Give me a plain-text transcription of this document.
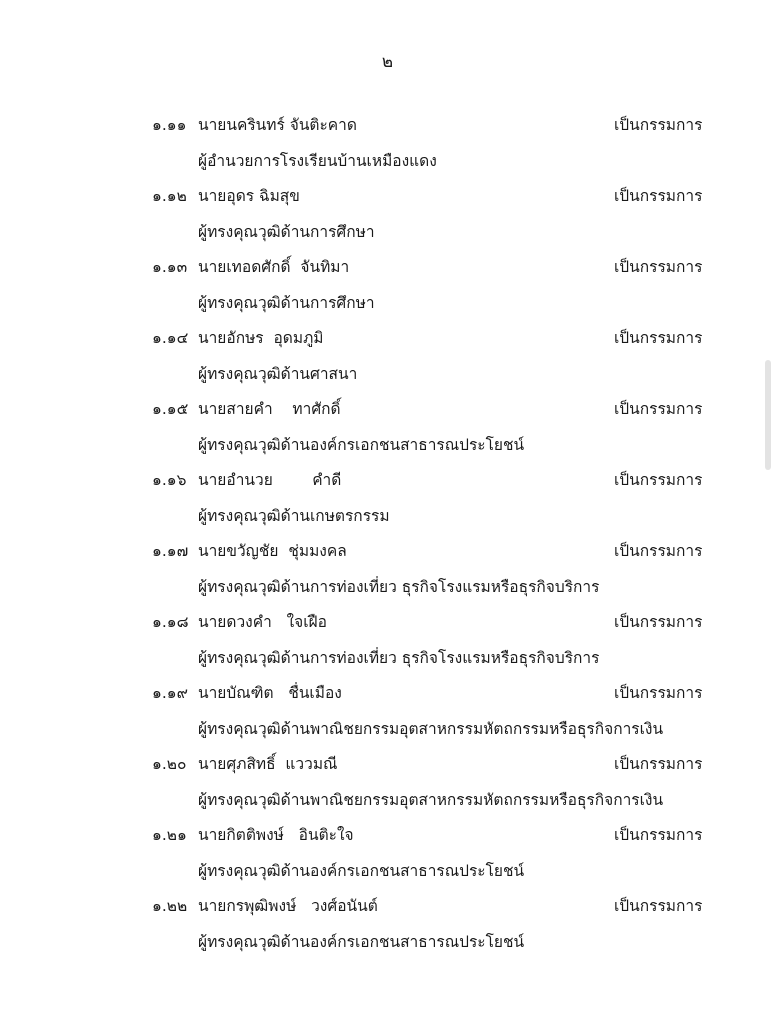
๒
๑.๑๑ นายนครินทร์ จันติะคาด	เป็นกรรมการ
ผู้อำนวยการโรงเรียนบ้านเหมืองแดง
๑.๑๒ นายอุดร ฉิมสุข	เป็นกรรมการ
ผู้ทรงคุณวุฒิด้านการศึกษา
๑.๑๓ นายเทอดศักดิ์  จันทิมา	เป็นกรรมการ
ผู้ทรงคุณวุฒิด้านการศึกษา
๑.๑๔ นายอักษร  อุดมภูมิ	เป็นกรรมการ
ผู้ทรงคุณวุฒิด้านศาสนา
๑.๑๕ นายสายคำ    ทาศักดิ์	เป็นกรรมการ
ผู้ทรงคุณวุฒิด้านองค์กรเอกชนสาธารณประโยชน์
๑.๑๖ นายอำนวย        คำดี	เป็นกรรมการ
ผู้ทรงคุณวุฒิด้านเกษตรกรรม
๑.๑๗ นายขวัญชัย  ชุ่มมงคล	เป็นกรรมการ
ผู้ทรงคุณวุฒิด้านการท่องเที่ยว ธุรกิจโรงแรมหรือธุรกิจบริการ
๑.๑๘ นายดวงคำ   ใจเฝือ	เป็นกรรมการ
ผู้ทรงคุณวุฒิด้านการท่องเที่ยว ธุรกิจโรงแรมหรือธุรกิจบริการ
๑.๑๙ นายบัณฑิต   ชื่นเมือง	เป็นกรรมการ
ผู้ทรงคุณวุฒิด้านพาณิชยกรรมอุตสาหกรรมหัตถกรรมหรือธุรกิจการเงิน
๑.๒๐ นายศุภสิทธิ์  แววมณี	เป็นกรรมการ
ผู้ทรงคุณวุฒิด้านพาณิชยกรรมอุตสาหกรรมหัตถกรรมหรือธุรกิจการเงิน
๑.๒๑ นายกิตติพงษ์   อินติะใจ	เป็นกรรมการ
ผู้ทรงคุณวุฒิด้านองค์กรเอกชนสาธารณประโยชน์
๑.๒๒ นายกรพุฒิพงษ์   วงศ์อนันต์	เป็นกรรมการ
ผู้ทรงคุณวุฒิด้านองค์กรเอกชนสาธารณประโยชน์
